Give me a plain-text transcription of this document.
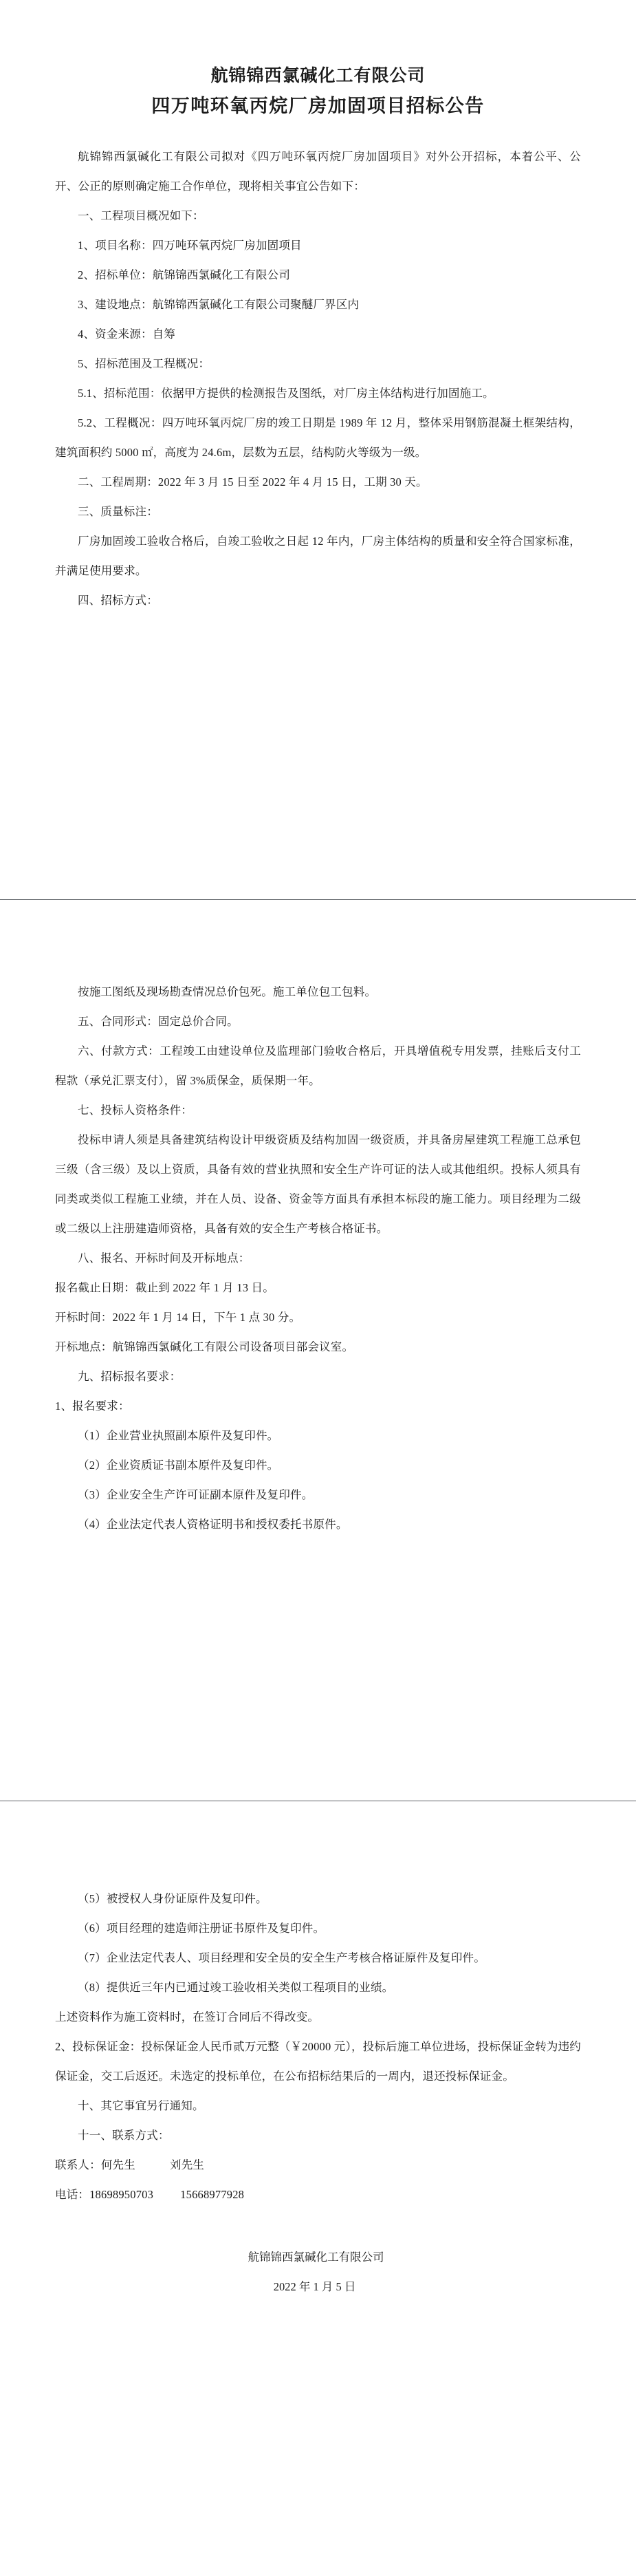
航锦锦西氯碱化工有限公司
四万吨环氧丙烷厂房加固项目招标公告

航锦锦西氯碱化工有限公司拟对《四万吨环氧丙烷厂房加固项目》对外公开招标，本着公平、公开、公正的原则确定施工合作单位，现将相关事宜公告如下：

一、工程项目概况如下：

1、项目名称：四万吨环氧丙烷厂房加固项目

2、招标单位：航锦锦西氯碱化工有限公司

3、建设地点：航锦锦西氯碱化工有限公司聚醚厂界区内

4、资金来源：自筹

5、招标范围及工程概况：

5.1、招标范围：依据甲方提供的检测报告及图纸，对厂房主体结构进行加固施工。

5.2、工程概况：四万吨环氧丙烷厂房的竣工日期是 1989 年 12 月，整体采用钢筋混凝土框架结构，建筑面积约 5000 ㎡，高度为 24.6m，层数为五层，结构防火等级为一级。

二、工程周期：2022 年 3 月 15 日至 2022 年 4 月 15 日，工期 30 天。

三、质量标注：

厂房加固竣工验收合格后，自竣工验收之日起 12 年内，厂房主体结构的质量和安全符合国家标准，并满足使用要求。

四、招标方式：

按施工图纸及现场勘查情况总价包死。施工单位包工包料。

五、合同形式：固定总价合同。

六、付款方式：工程竣工由建设单位及监理部门验收合格后，开具增值税专用发票，挂账后支付工程款（承兑汇票支付），留 3%质保金，质保期一年。

七、投标人资格条件：

投标申请人须是具备建筑结构设计甲级资质及结构加固一级资质，并具备房屋建筑工程施工总承包三级（含三级）及以上资质，具备有效的营业执照和安全生产许可证的法人或其他组织。投标人须具有同类或类似工程施工业绩，并在人员、设备、资金等方面具有承担本标段的施工能力。项目经理为二级或二级以上注册建造师资格，具备有效的安全生产考核合格证书。

八、报名、开标时间及开标地点：

报名截止日期：截止到 2022 年 1 月 13 日。

开标时间：2022 年 1 月 14 日，下午 1 点 30 分。

开标地点：航锦锦西氯碱化工有限公司设备项目部会议室。

九、招标报名要求：

1、报名要求：

（1）企业营业执照副本原件及复印件。

（2）企业资质证书副本原件及复印件。

（3）企业安全生产许可证副本原件及复印件。

（4）企业法定代表人资格证明书和授权委托书原件。

（5）被授权人身份证原件及复印件。

（6）项目经理的建造师注册证书原件及复印件。

（7）企业法定代表人、项目经理和安全员的安全生产考核合格证原件及复印件。

（8）提供近三年内已通过竣工验收相关类似工程项目的业绩。

上述资料作为施工资料时，在签订合同后不得改变。

2、投标保证金：投标保证金人民币贰万元整（￥20000 元），投标后施工单位进场，投标保证金转为违约保证金，交工后返还。未选定的投标单位，在公布招标结果后的一周内，退还投标保证金。

十、其它事宜另行通知。

十一、联系方式：

联系人：何先生　　　	刘先生

电话：18698950703　　  15668977928

航锦锦西氯碱化工有限公司
2022 年 1 月 5 日
